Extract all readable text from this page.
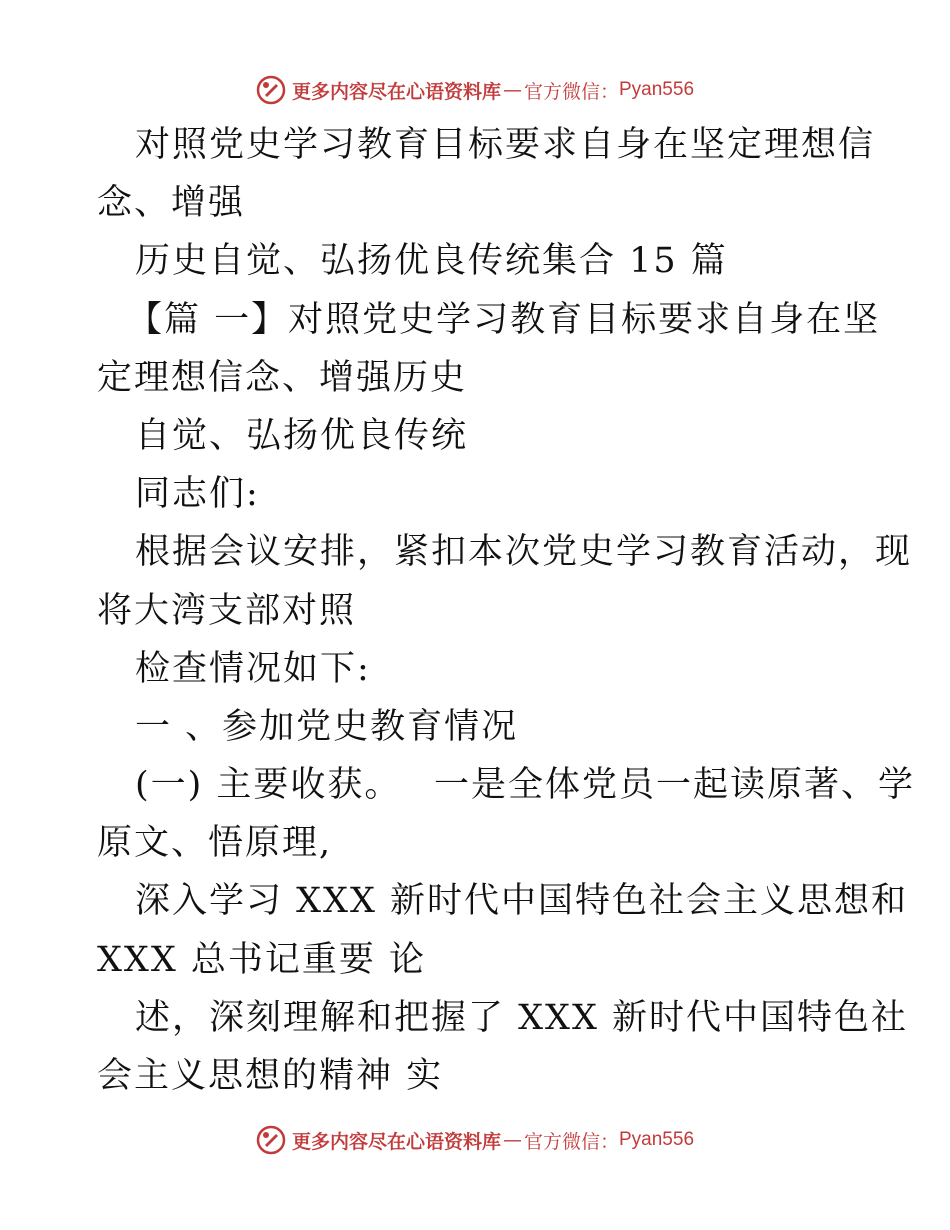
更多内容尽在心语资料库 — 官方微信： Pyan556
对照党史学习教育目标要求自身在坚定理想信
念、增强
历史自觉、弘扬优良传统集合 15 篇
【篇 一】对照党史学习教育目标要求自身在坚
定理想信念、增强历史
自觉、弘扬优良传统
同志们:
根据会议安排，紧扣本次党史学习教育活动，现
将大湾支部对照
检查情况如下:
一 、参加党史教育情况
(一) 主要收获。　 一是全体党员一起读原著、学
原文、悟原理,
深入学习 XXX 新时代中国特色社会主义思想和
XXX 总书记重要 论
述，深刻理解和把握了 XXX 新时代中国特色社
会主义思想的精神 实
更多内容尽在心语资料库 — 官方微信： Pyan556
